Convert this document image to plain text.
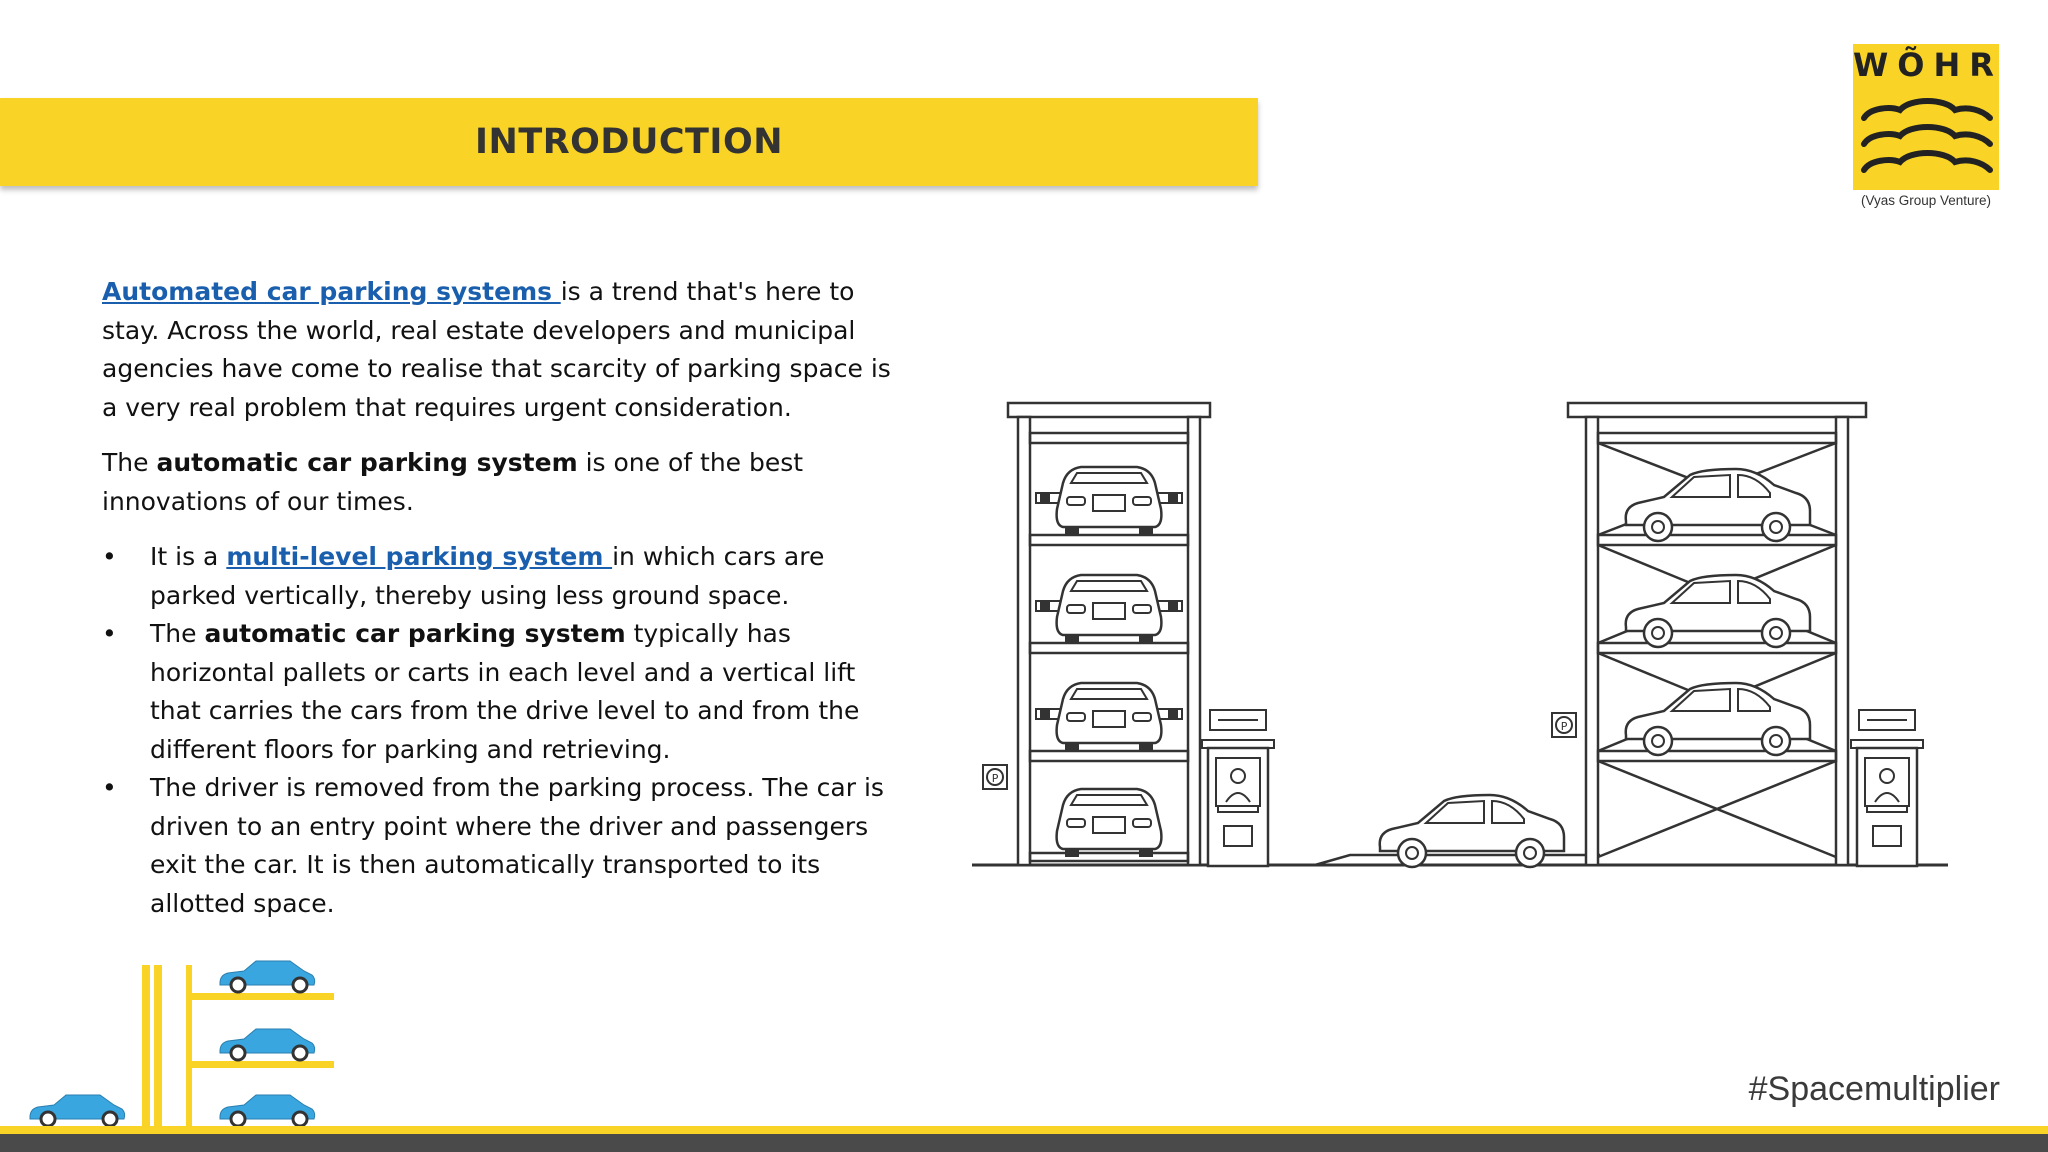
INTRODUCTION
WÕHR
(Vyas Group Venture)

Automated car parking systems is a trend that's here to stay. Across the world, real estate developers and municipal agencies have come to realise that scarcity of parking space is a very real problem that requires urgent consideration.

The automatic car parking system is one of the best innovations of our times.

• It is a multi-level parking system in which cars are parked vertically, thereby using less ground space.
• The automatic car parking system typically has horizontal pallets or carts in each level and a vertical lift that carries the cars from the drive level to and from the different floors for parking and retrieving.
• The driver is removed from the parking process. The car is driven to an entry point where the driver and passengers exit the car. It is then automatically transported to its allotted space.
P
#Spacemultiplier
